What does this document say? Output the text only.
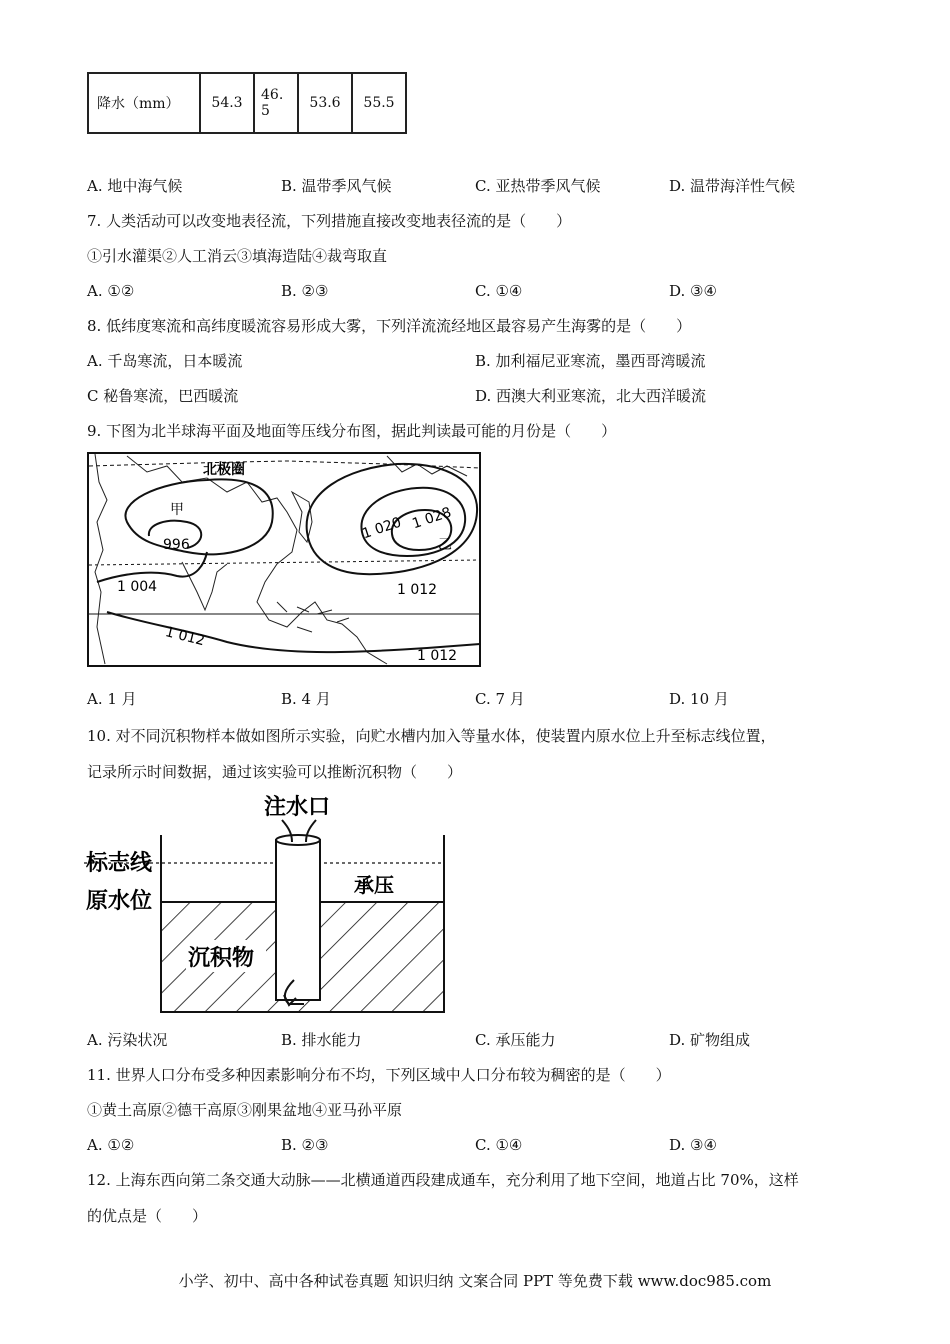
降水（mm）	54.3	46.5	53.6	55.5
A. 地中海气候	B. 温带季风气候	C. 亚热带季风气候	D. 温带海洋性气候
7. 人类活动可以改变地表径流，下列措施直接改变地表径流的是（　　）
①引水灌渠②人工消云③填海造陆④裁弯取直
A. ①②	B. ②③	C. ①④	D. ③④
8. 低纬度寒流和高纬度暖流容易形成大雾，下列洋流流经地区最容易产生海雾的是（　　）
A. 千岛寒流，日本暖流	B. 加利福尼亚寒流，墨西哥湾暖流
C 秘鲁寒流，巴西暖流	D. 西澳大利亚寒流，北大西洋暖流
9. 下图为北半球海平面及地面等压线分布图，据此判读最可能的月份是（　　）
北极圈
甲
乙
996
1 004	1 012
1 012
1 012
1 020 1 028
A. 1 月	B. 4 月	C. 7 月	D. 10 月
10. 对不同沉积物样本做如图所示实验，向贮水槽内加入等量水体，使装置内原水位上升至标志线位置，
记录所示时间数据，通过该实验可以推断沉积物（　　）
注水口
标志线
原水位
承压
沉积物
A. 污染状况	B. 排水能力	C. 承压能力	D. 矿物组成
11. 世界人口分布受多种因素影响分布不均，下列区域中人口分布较为稠密的是（　　）
①黄土高原②德干高原③刚果盆地④亚马孙平原
A. ①②	B. ②③	C. ①④	D. ③④
12. 上海东西向第二条交通大动脉——北横通道西段建成通车，充分利用了地下空间，地道占比 70%，这样
的优点是（　　）
小学、初中、高中各种试卷真题 知识归纳 文案合同 PPT 等免费下载 www.doc985.com
